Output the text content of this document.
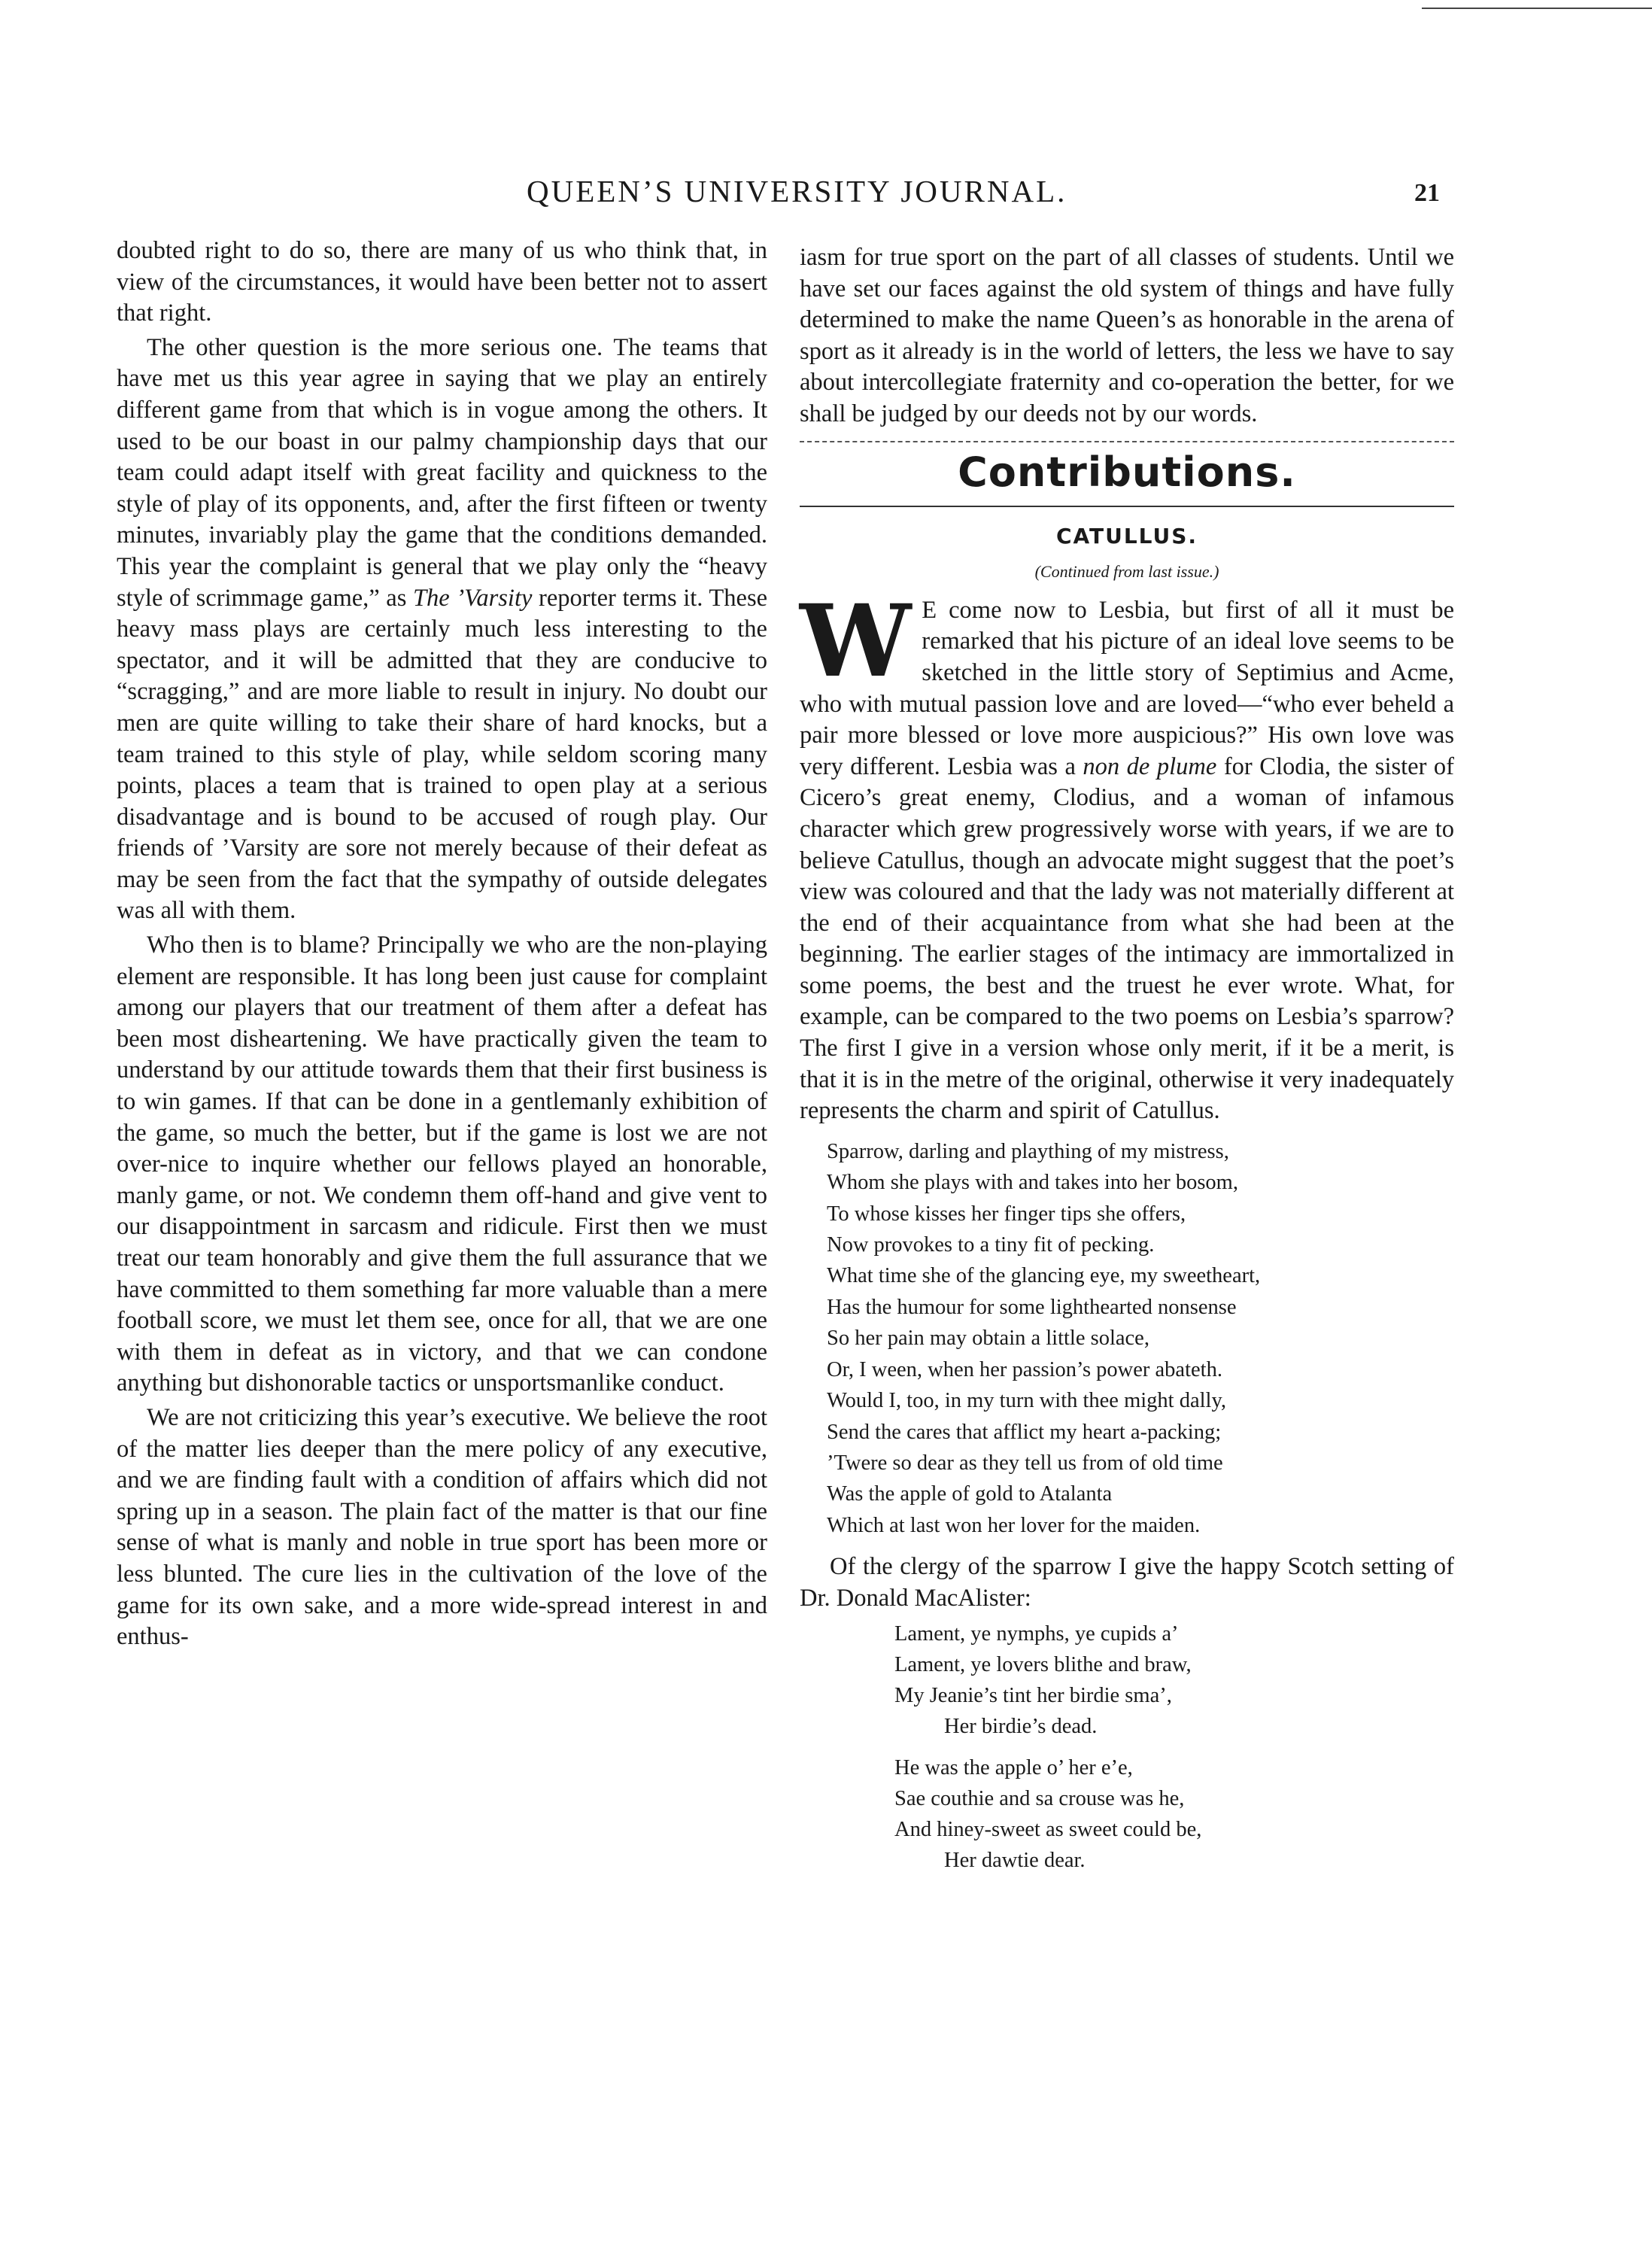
QUEEN’S UNIVERSITY JOURNAL.	21

doubted right to do so, there are many of us who think that, in view of the circumstances, it would have been better not to assert that right.

The other question is the more serious one. The teams that have met us this year agree in saying that we play an entirely different game from that which is in vogue among the others. It used to be our boast in our palmy championship days that our team could adapt itself with great facility and quickness to the style of play of its opponents, and, after the first fifteen or twenty minutes, invariably play the game that the conditions demanded. This year the complaint is general that we play only the “heavy style of scrimmage game,” as The ’Varsity reporter terms it. These heavy mass plays are certainly much less interesting to the spectator, and it will be admitted that they are conducive to “scragging,” and are more liable to result in injury. No doubt our men are quite willing to take their share of hard knocks, but a team trained to this style of play, while seldom scoring many points, places a team that is trained to open play at a serious disadvantage and is bound to be accused of rough play. Our friends of ’Varsity are sore not merely because of their defeat as may be seen from the fact that the sympathy of outside delegates was all with them.

Who then is to blame? Principally we who are the non-playing element are responsible. It has long been just cause for complaint among our players that our treatment of them after a defeat has been most disheartening. We have practically given the team to understand by our attitude towards them that their first business is to win games. If that can be done in a gentlemanly exhibition of the game, so much the better, but if the game is lost we are not over-nice to inquire whether our fellows played an honorable, manly game, or not. We condemn them off-hand and give vent to our disappointment in sarcasm and ridicule. First then we must treat our team honorably and give them the full assurance that we have committed to them something far more valuable than a mere football score, we must let them see, once for all, that we are one with them in defeat as in victory, and that we can condone anything but dishonorable tactics or unsportsmanlike conduct.

We are not criticizing this year’s executive. We believe the root of the matter lies deeper than the mere policy of any executive, and we are finding fault with a condition of affairs which did not spring up in a season. The plain fact of the matter is that our fine sense of what is manly and noble in true sport has been more or less blunted. The cure lies in the cultivation of the love of the game for its own sake, and a more wide-spread interest in and enthus-

iasm for true sport on the part of all classes of students. Until we have set our faces against the old system of things and have fully determined to make the name Queen’s as honorable in the arena of sport as it already is in the world of letters, the less we have to say about intercollegiate fraternity and co-operation the better, for we shall be judged by our deeds not by our words.

Contributions.
CATULLUS.
(Continued from last issue.)
W E come now to Lesbia, but first of all it must be remarked that his picture of an ideal love seems to be sketched in the little story of Septimius and Acme, who with mutual passion love and are loved—“who ever beheld a pair more blessed or love more auspicious?” His own love was very different. Lesbia was a non de plume for Clodia, the sister of Cicero’s great enemy, Clodius, and a woman of infamous character which grew progressively worse with years, if we are to believe Catullus, though an advocate might suggest that the poet’s view was coloured and that the lady was not materially different at the end of their acquaintance from what she had been at the beginning. The earlier stages of the intimacy are immortalized in some poems, the best and the truest he ever wrote. What, for example, can be compared to the two poems on Lesbia’s sparrow? The first I give in a version whose only merit, if it be a merit, is that it is in the metre of the original, otherwise it very inadequately represents the charm and spirit of Catullus.

Sparrow, darling and plaything of my mistress,
Whom she plays with and takes into her bosom,
To whose kisses her finger tips she offers,
Now provokes to a tiny fit of pecking.
What time she of the glancing eye, my sweetheart,
Has the humour for some lighthearted nonsense
So her pain may obtain a little solace,
Or, I ween, when her passion’s power abateth.
Would I, too, in my turn with thee might dally,
Send the cares that afflict my heart a-packing;
’Twere so dear as they tell us from of old time
Was the apple of gold to Atalanta
Which at last won her lover for the maiden.

Of the clergy of the sparrow I give the happy Scotch setting of Dr. Donald MacAlister:

Lament, ye nymphs, ye cupids a’
Lament, ye lovers blithe and braw,
My Jeanie’s tint her birdie sma’,
Her birdie’s dead.
He was the apple o’ her e’e,
Sae couthie and sa crouse was he,
And hiney-sweet as sweet could be,
Her dawtie dear.
